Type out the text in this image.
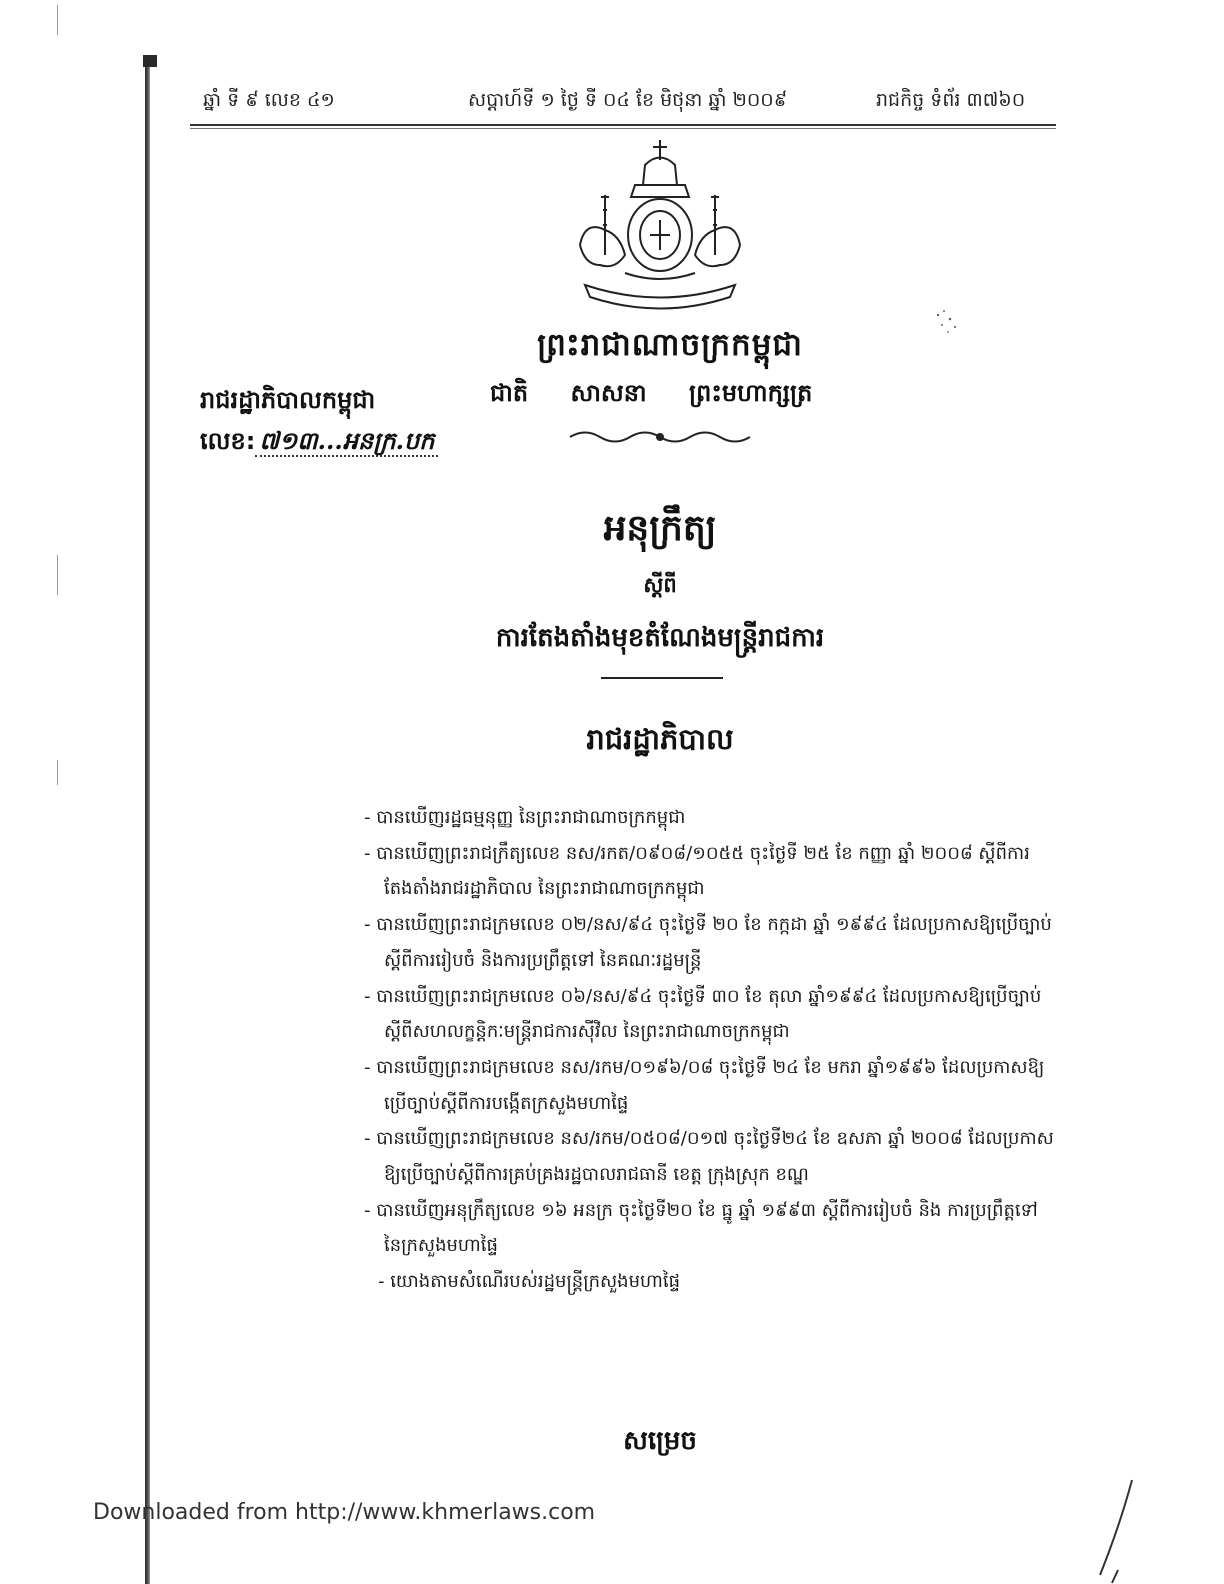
ឆ្នាំ ទី ៩ លេខ ៤១	សប្តាហ៍ទី ១ ថ្ងៃ ទី ០៤ ខែ មិថុនា ឆ្នាំ ២០០៩	រាជកិច្ច ទំព័រ ៣៧៦០
ព្រះរាជាណាចក្រកម្ពុជា
ជាតិ សាសនា ព្រះមហាក្សត្រ
រាជរដ្ឋាភិបាលកម្ពុជា
លេខ: ៧១៣...អនក្រ.បក
អនុក្រឹត្យ
ស្តីពី
ការតែងតាំងមុខតំណែងមន្ត្រីរាជការ
រាជរដ្ឋាភិបាល
- បានឃើញរដ្ឋធម្មនុញ្ញ នៃព្រះរាជាណាចក្រកម្ពុជា
- បានឃើញព្រះរាជក្រឹត្យលេខ នស/រកត/០៩០៨/១០៥៥ ចុះថ្ងៃទី ២៥ ខែ កញ្ញា ឆ្នាំ ២០០៨ ស្តីពីការ
តែងតាំងរាជរដ្ឋាភិបាល នៃព្រះរាជាណាចក្រកម្ពុជា
- បានឃើញព្រះរាជក្រមលេខ ០២/នស/៩៤ ចុះថ្ងៃទី ២០ ខែ កក្កដា ឆ្នាំ ១៩៩៤ ដែលប្រកាសឱ្យប្រើច្បាប់
ស្តីពីការរៀបចំ និងការប្រព្រឹត្តទៅ នៃគណៈរដ្ឋមន្ត្រី
- បានឃើញព្រះរាជក្រមលេខ ០៦/នស/៩៤ ចុះថ្ងៃទី ៣០ ខែ តុលា ឆ្នាំ១៩៩៤ ដែលប្រកាសឱ្យប្រើច្បាប់
ស្តីពីសហលក្ខន្តិកៈមន្ត្រីរាជការស៊ីវិល នៃព្រះរាជាណាចក្រកម្ពុជា
- បានឃើញព្រះរាជក្រមលេខ នស/រកម/០១៩៦/០៨ ចុះថ្ងៃទី ២៤ ខែ មករា ឆ្នាំ១៩៩៦ ដែលប្រកាសឱ្យ
ប្រើច្បាប់ស្តីពីការបង្កើតក្រសួងមហាផ្ទៃ
- បានឃើញព្រះរាជក្រមលេខ នស/រកម/០៥០៨/០១៧ ចុះថ្ងៃទី២៤ ខែ ឧសភា ឆ្នាំ ២០០៨ ដែលប្រកាស
ឱ្យប្រើច្បាប់ស្តីពីការគ្រប់គ្រងរដ្ឋបាលរាជធានី ខេត្ត ក្រុងស្រុក ខណ្ឌ
- បានឃើញអនុក្រឹត្យលេខ ១៦ អនក្រ ចុះថ្ងៃទី២០ ខែ ធ្នូ ឆ្នាំ ១៩៩៣ ស្តីពីការរៀបចំ និង ការប្រព្រឹត្តទៅ
នៃក្រសួងមហាផ្ទៃ
- យោងតាមសំណើរបស់រដ្ឋមន្ត្រីក្រសួងមហាផ្ទៃ
សម្រេច
Downloaded from http://www.khmerlaws.com
